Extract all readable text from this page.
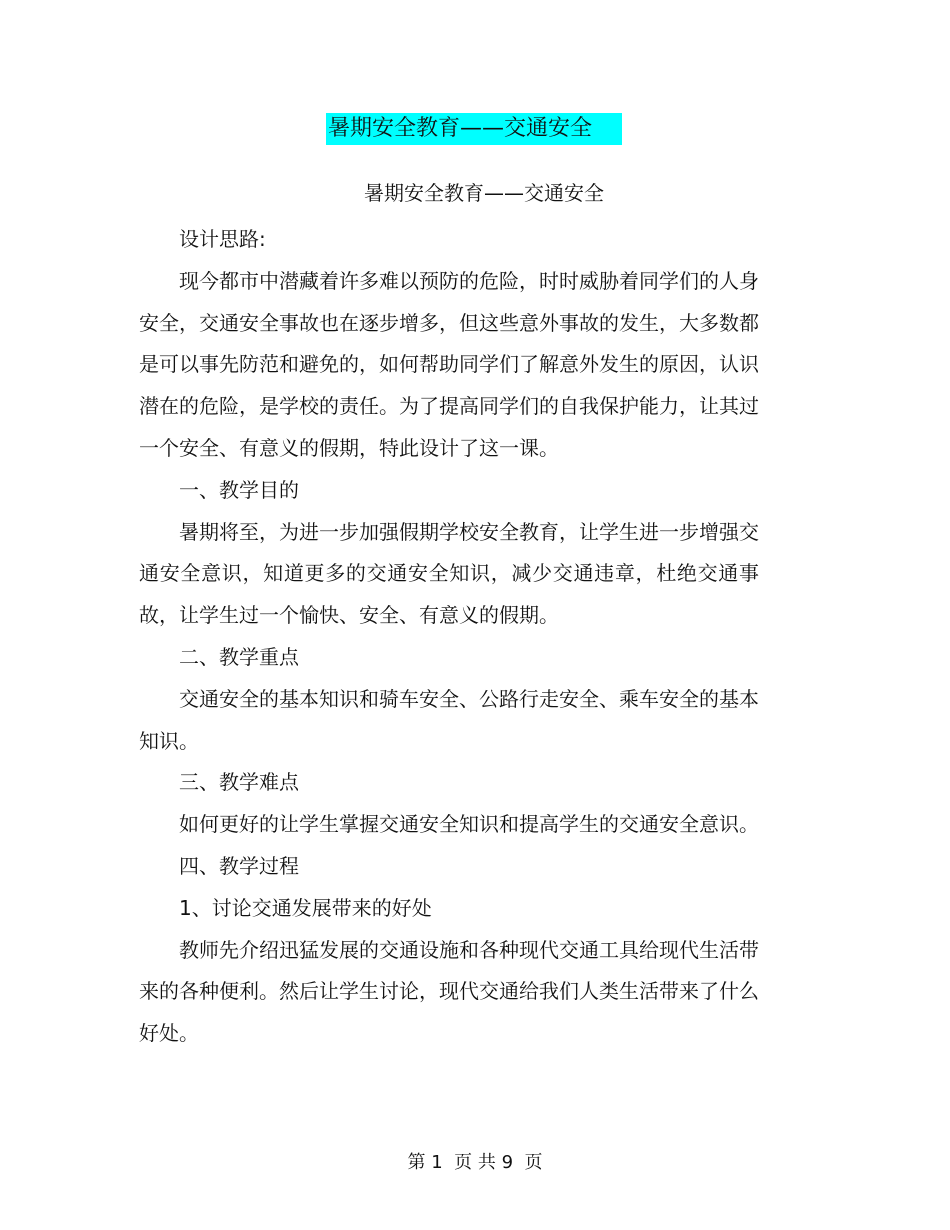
暑期安全教育——交通安全
暑期安全教育——交通安全

设计思路:

现今都市中潜藏着许多难以预防的危险，时时威胁着同学们的人身安全，交通安全事故也在逐步增多，但这些意外事故的发生，大多数都是可以事先防范和避免的，如何帮助同学们了解意外发生的原因，认识潜在的危险，是学校的责任。为了提高同学们的自我保护能力，让其过一个安全、有意义的假期，特此设计了这一课。

一、教学目的

暑期将至，为进一步加强假期学校安全教育，让学生进一步增强交通安全意识，知道更多的交通安全知识，减少交通违章，杜绝交通事故，让学生过一个愉快、安全、有意义的假期。

二、教学重点

交通安全的基本知识和骑车安全、公路行走安全、乘车安全的基本知识。

三、教学难点

如何更好的让学生掌握交通安全知识和提高学生的交通安全意识。

四、教学过程

1、讨论交通发展带来的好处

教师先介绍迅猛发展的交通设施和各种现代交通工具给现代生活带来的各种便利。然后让学生讨论，现代交通给我们人类生活带来了什么好处。

第 1  页 共 9  页
